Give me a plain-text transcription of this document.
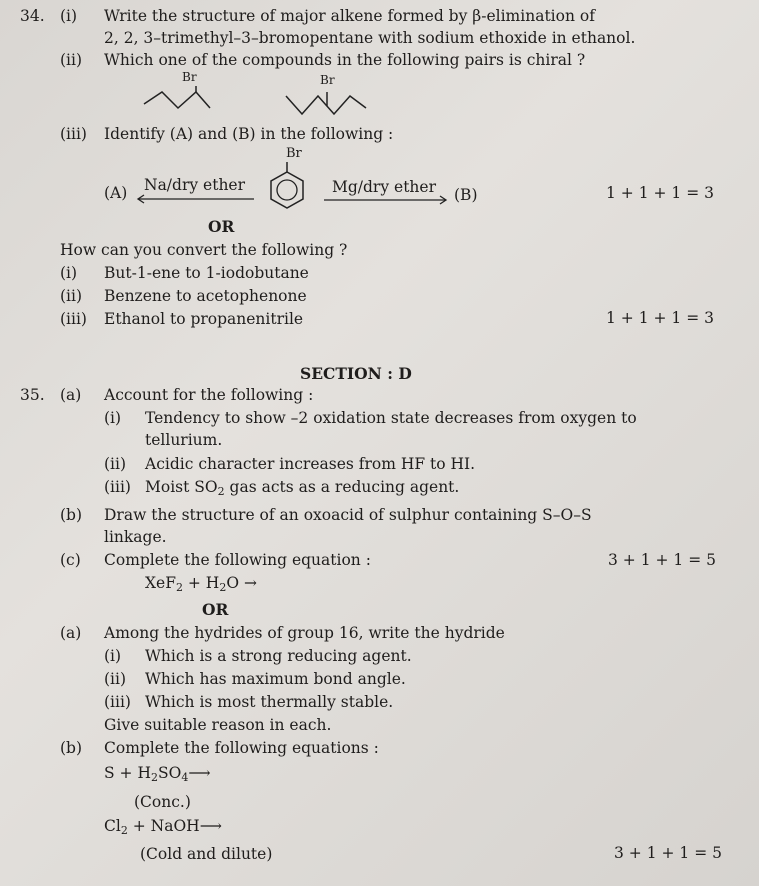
34. (i) Write the structure of major alkene formed by β-elimination of
2, 2, 3–trimethyl–3–bromopentane with sodium ethoxide in ethanol.
(ii) Which one of the compounds in the following pairs is chiral ?
Br	Br
(iii) Identify (A) and (B) in the following :
Br
(A) Na/dry ether	Mg/dry ether (B)	1 + 1 + 1 = 3
OR
How can you convert the following ?
(i) But-1-ene to 1-iodobutane
(ii) Benzene to acetophenone
(iii) Ethanol to propanenitrile	1 + 1 + 1 = 3
SECTION : D
35. (a) Account for the following :
(i) Tendency to show –2 oxidation state decreases from oxygen to
tellurium.
(ii) Acidic character increases from HF to HI.
(iii) Moist $SO_2$ gas acts as a reducing agent.
(b) Draw the structure of an oxoacid of sulphur containing S–O–S
linkage.
(c) Complete the following equation :	3 + 1 + 1 = 5
$XeF_2 + H_2O$ →
OR
(a) Among the hydrides of group 16, write the hydride
(i) Which is a strong reducing agent.
(ii) Which has maximum bond angle.
(iii) Which is most thermally stable.
Give suitable reason in each.
(b) Complete the following equations :
$S + H_2SO_4⟶$
(Conc.)
$Cl_2$ + NaOH⟶
(Cold and dilute)	3 + 1 + 1 = 5
